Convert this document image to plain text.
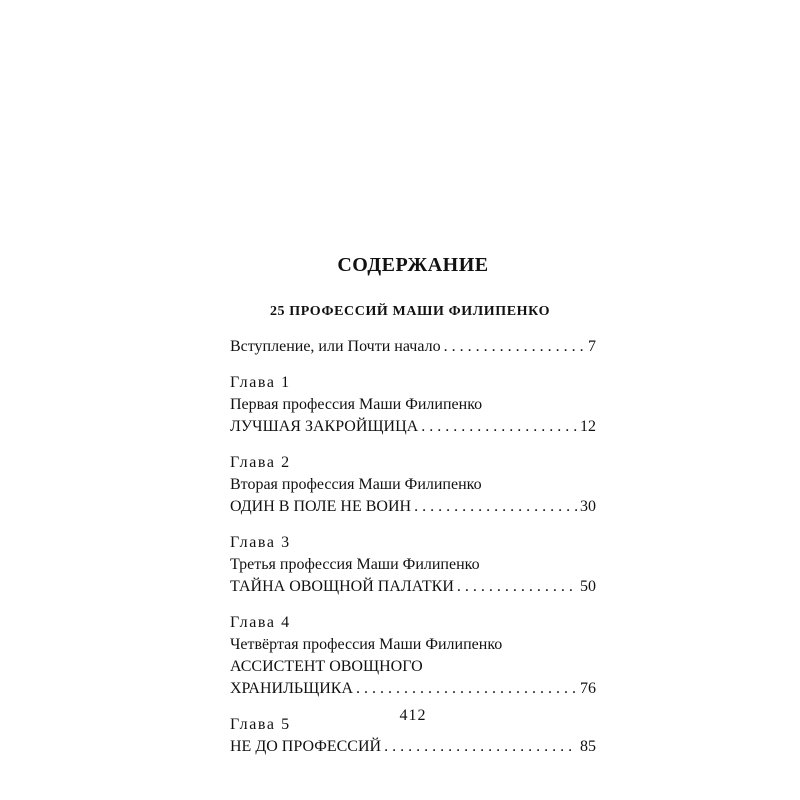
СОДЕРЖАНИЕ
25 ПРОФЕССИЙ МАШИ ФИЛИПЕНКО
Вступление, или Почти начало . . .	7
Глава 1
Первая профессия Маши Филипенко
ЛУЧШАЯ ЗАКРОЙЩИЦА . . .	12
Глава 2
Вторая профессия Маши Филипенко
ОДИН В ПОЛЕ НЕ ВОИН . . .	30
Глава 3
Третья профессия Маши Филипенко
ТАЙНА ОВОЩНОЙ ПАЛАТКИ . . .	50
Глава 4
Четвёртая профессия Маши Филипенко
АССИСТЕНТ ОВОЩНОГО
ХРАНИЛЬЩИКА . . .	76
Глава 5
НЕ ДО ПРОФЕССИЙ . . .	85
412
